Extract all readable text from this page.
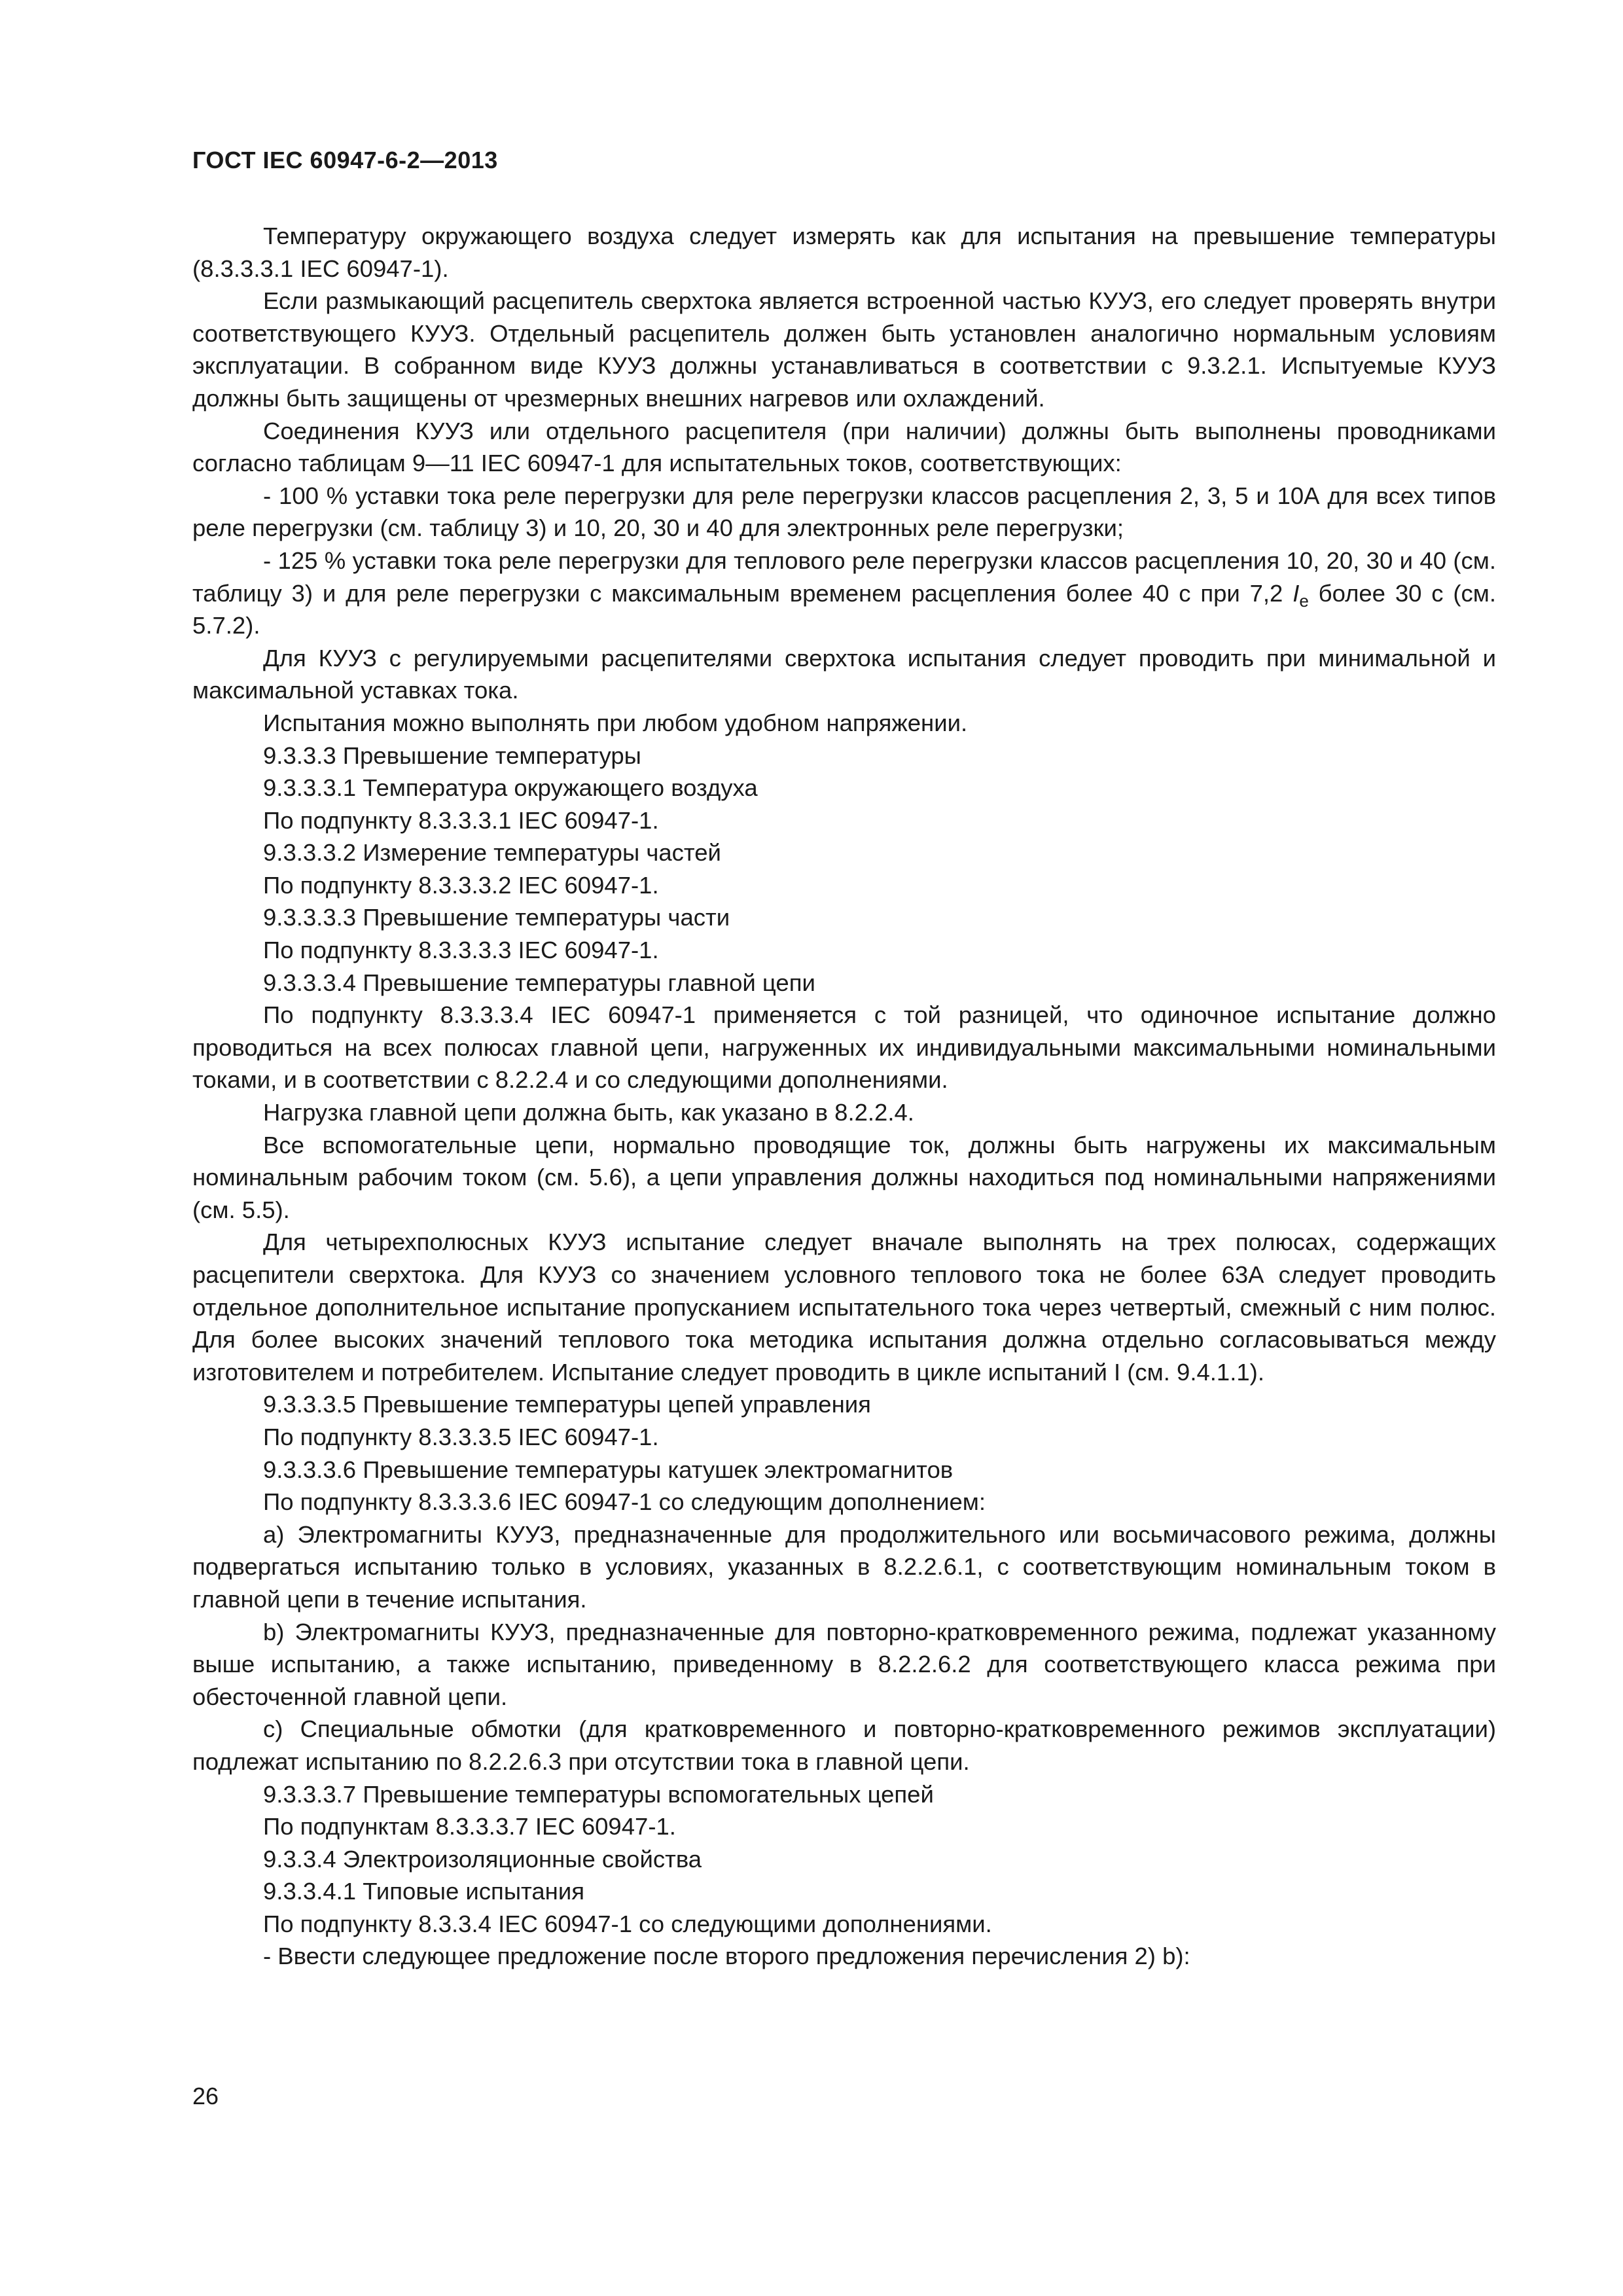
ГОСТ IEC 60947-6-2—2013

Температуру окружающего воздуха следует измерять как для испытания на превышение температуры (8.3.3.3.1 IEC 60947-1).

Если размыкающий расцепитель сверхтока является встроенной частью КУУЗ, его следует проверять внутри соответствующего КУУЗ. Отдельный расцепитель должен быть установлен аналогично нормальным условиям эксплуатации. В собранном виде КУУЗ должны устанавливаться в соответствии с 9.3.2.1. Испытуемые КУУЗ должны быть защищены от чрезмерных внешних нагревов или охлаждений.

Соединения КУУЗ или отдельного расцепителя (при наличии) должны быть выполнены проводниками согласно таблицам 9—11 IEC 60947-1 для испытательных токов, соответствующих:

- 100 % уставки тока реле перегрузки для реле перегрузки классов расцепления 2, 3, 5 и 10А для всех типов реле перегрузки (см. таблицу 3) и 10, 20, 30 и 40 для электронных реле перегрузки;

- 125 % уставки тока реле перегрузки для теплового реле перегрузки классов расцепления 10, 20, 30 и 40 (см. таблицу 3) и для реле перегрузки с максимальным временем расцепления более 40 с при 7,2 $I_e$ более 30 с (см. 5.7.2).

Для КУУЗ с регулируемыми расцепителями сверхтока испытания следует проводить при минимальной и максимальной уставках тока.

Испытания можно выполнять при любом удобном напряжении.

9.3.3.3 Превышение температуры

9.3.3.3.1 Температура окружающего воздуха

По подпункту 8.3.3.3.1 IEC 60947-1.

9.3.3.3.2 Измерение температуры частей

По подпункту 8.3.3.3.2 IEC 60947-1.

9.3.3.3.3 Превышение температуры части

По подпункту 8.3.3.3.3 IEC 60947-1.

9.3.3.3.4 Превышение температуры главной цепи

По подпункту 8.3.3.3.4 IEC 60947-1 применяется с той разницей, что одиночное испытание должно проводиться на всех полюсах главной цепи, нагруженных их индивидуальными максимальными номинальными токами, и в соответствии с 8.2.2.4 и со следующими дополнениями.

Нагрузка главной цепи должна быть, как указано в 8.2.2.4.

Все вспомогательные цепи, нормально проводящие ток, должны быть нагружены их максимальным номинальным рабочим током (см. 5.6), а цепи управления должны находиться под номинальными напряжениями (см. 5.5).

Для четырехполюсных КУУЗ испытание следует вначале выполнять на трех полюсах, содержащих расцепители сверхтока. Для КУУЗ со значением условного теплового тока не более 63А следует проводить отдельное дополнительное испытание пропусканием испытательного тока через четвертый, смежный с ним полюс. Для более высоких значений теплового тока методика испытания должна отдельно согласовываться между изготовителем и потребителем. Испытание следует проводить в цикле испытаний I (см. 9.4.1.1).

9.3.3.3.5 Превышение температуры цепей управления

По подпункту 8.3.3.3.5 IEC 60947-1.

9.3.3.3.6 Превышение температуры катушек электромагнитов

По подпункту 8.3.3.3.6 IEC 60947-1 со следующим дополнением:

а) Электромагниты КУУЗ, предназначенные для продолжительного или восьмичасового режима, должны подвергаться испытанию только в условиях, указанных в 8.2.2.6.1, с соответствующим номинальным током в главной цепи в течение испытания.

b) Электромагниты КУУЗ, предназначенные для повторно-кратковременного режима, подлежат указанному выше испытанию, а также испытанию, приведенному в 8.2.2.6.2 для соответствующего класса режима при обесточенной главной цепи.

с) Специальные обмотки (для кратковременного и повторно-кратковременного режимов эксплуатации) подлежат испытанию по 8.2.2.6.3 при отсутствии тока в главной цепи.

9.3.3.3.7 Превышение температуры вспомогательных цепей

По подпунктам 8.3.3.3.7 IEC 60947-1.

9.3.3.4 Электроизоляционные свойства

9.3.3.4.1 Типовые испытания

По подпункту 8.3.3.4 IEC 60947-1 со следующими дополнениями.

- Ввести следующее предложение после второго предложения перечисления 2) b):

26
